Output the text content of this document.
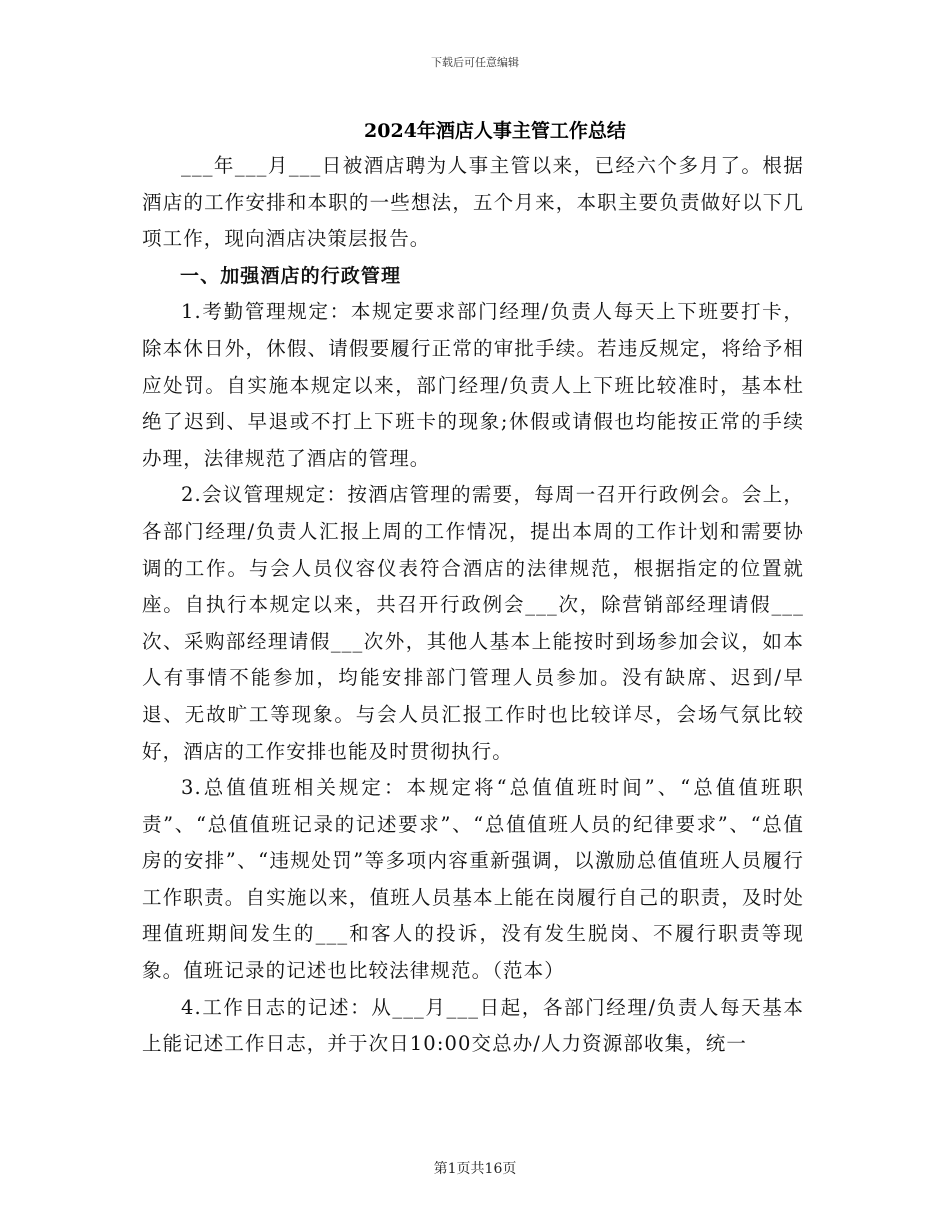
下载后可任意编辑
2024年酒店人事主管工作总结

___年___月___日被酒店聘为人事主管以来，已经六个多月了。根据酒店的工作安排和本职的一些想法，五个月来，本职主要负责做好以下几项工作，现向酒店决策层报告。

一、加强酒店的行政管理

1.考勤管理规定：本规定要求部门经理/负责人每天上下班要打卡，除本休日外，休假、请假要履行正常的审批手续。若违反规定，将给予相应处罚。自实施本规定以来，部门经理/负责人上下班比较准时，基本杜绝了迟到、早退或不打上下班卡的现象;休假或请假也均能按正常的手续办理，法律规范了酒店的管理。

2.会议管理规定：按酒店管理的需要，每周一召开行政例会。会上，各部门经理/负责人汇报上周的工作情况，提出本周的工作计划和需要协调的工作。与会人员仪容仪表符合酒店的法律规范，根据指定的位置就座。自执行本规定以来，共召开行政例会___次，除营销部经理请假___次、采购部经理请假___次外，其他人基本上能按时到场参加会议，如本人有事情不能参加，均能安排部门管理人员参加。没有缺席、迟到/早退、无故旷工等现象。与会人员汇报工作时也比较详尽，会场气氛比较好，酒店的工作安排也能及时贯彻执行。

3.总值值班相关规定：本规定将“总值值班时间”、“总值值班职责”、“总值值班记录的记述要求”、“总值值班人员的纪律要求”、“总值房的安排”、“违规处罚”等多项内容重新强调，以激励总值值班人员履行工作职责。自实施以来，值班人员基本上能在岗履行自己的职责，及时处理值班期间发生的___和客人的投诉，没有发生脱岗、不履行职责等现象。值班记录的记述也比较法律规范。（范本）

4.工作日志的记述：从___月___日起，各部门经理/负责人每天基本上能记述工作日志，并于次日10:00交总办/人力资源部收集，统一

第1页共16页
